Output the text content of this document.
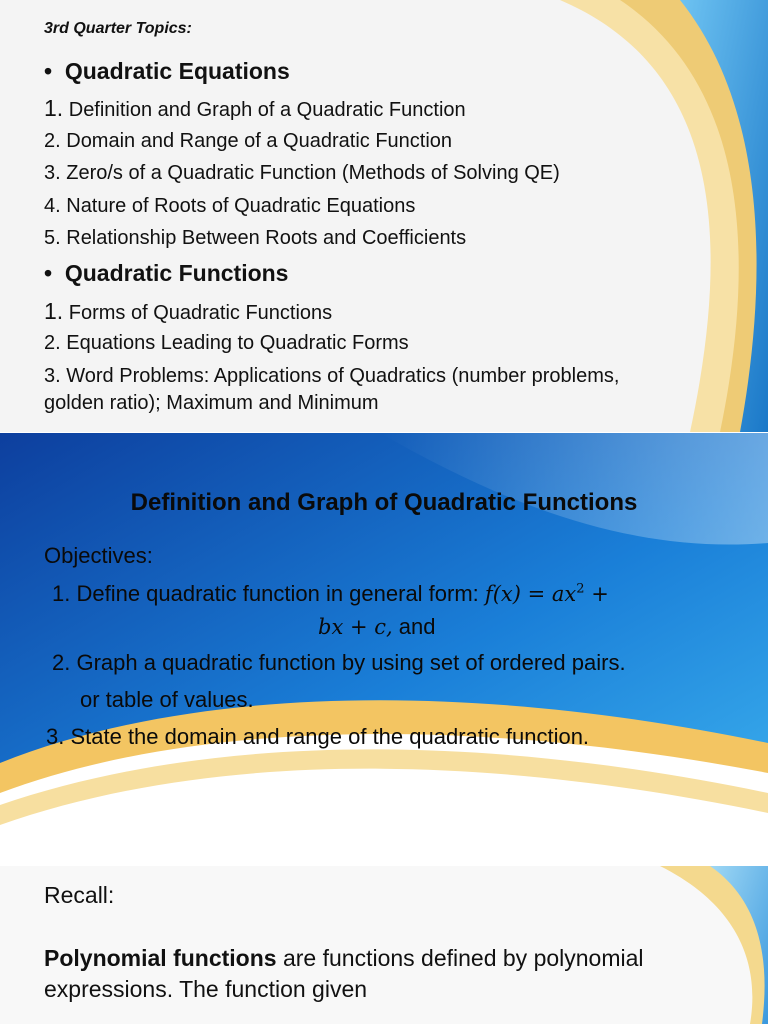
3rd Quarter Topics:
•  Quadratic Equations
1. Definition and Graph of a Quadratic Function
2. Domain and Range of a Quadratic Function
3. Zero/s of a Quadratic Function (Methods of Solving QE)
4. Nature of Roots of Quadratic Equations
5. Relationship Between Roots and Coefficients
•  Quadratic Functions
1. Forms of Quadratic Functions
2. Equations Leading to Quadratic Forms
3. Word Problems: Applications of Quadratics (number problems,
golden ratio); Maximum and Minimum
Definition and Graph of Quadratic Functions
Objectives:
1. Define quadratic function in general form: $f(x) = ax^2$ +
bx + c, and
2. Graph a quadratic function by using set of ordered pairs.
or table of values.
3. State the domain and range of the quadratic function.
Recall:
Polynomial functions are functions defined by polynomial
expressions. The function given
